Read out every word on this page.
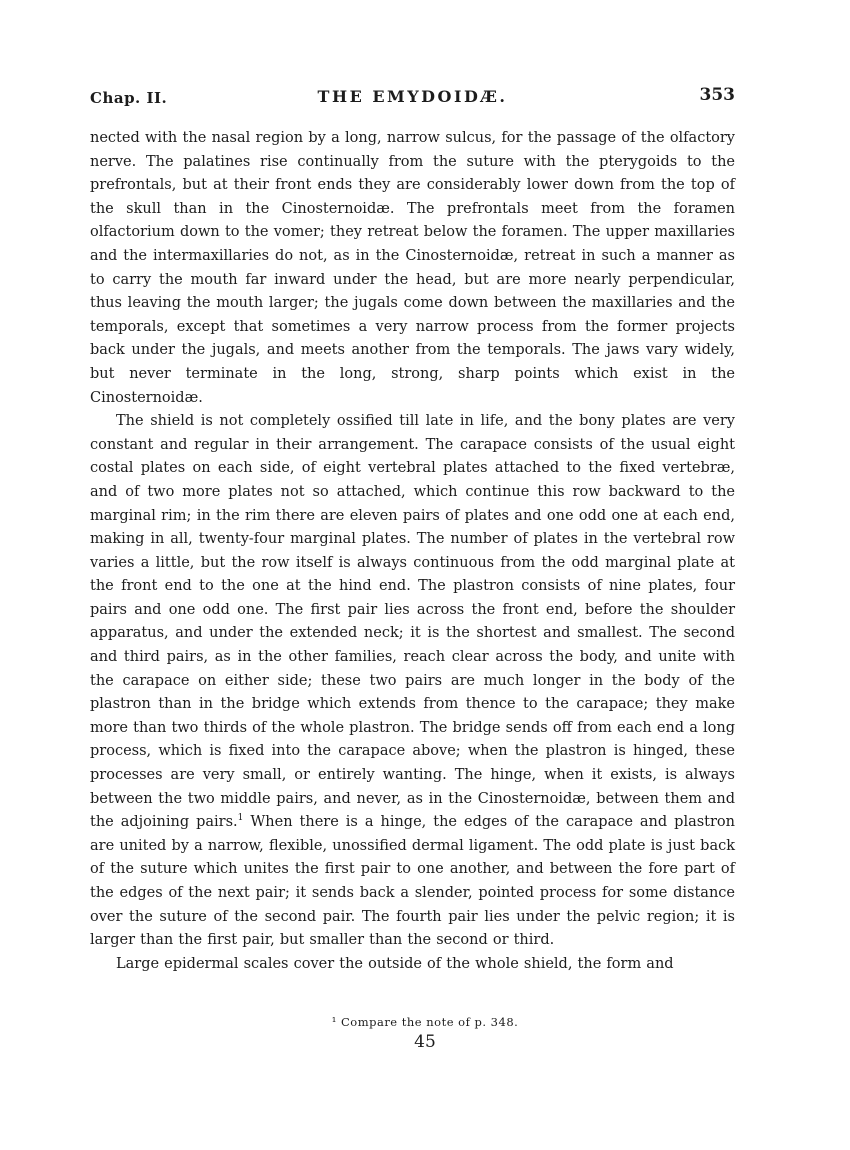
Chap. II.	THE EMYDOIDÆ.	353

nected with the nasal region by a long, narrow sulcus, for the passage of the olfactory nerve. The palatines rise continually from the suture with the pterygoids to the prefrontals, but at their front ends they are considerably lower down from the top of the skull than in the Cinosternoidæ. The prefrontals meet from the foramen olfactorium down to the vomer; they retreat below the foramen. The upper maxillaries and the intermaxillaries do not, as in the Cinosternoidæ, retreat in such a manner as to carry the mouth far inward under the head, but are more nearly perpendicular, thus leaving the mouth larger; the jugals come down between the maxillaries and the temporals, except that sometimes a very narrow process from the former projects back under the jugals, and meets another from the temporals. The jaws vary widely, but never terminate in the long, strong, sharp points which exist in the Cinosternoidæ.

The shield is not completely ossified till late in life, and the bony plates are very constant and regular in their arrangement. The carapace consists of the usual eight costal plates on each side, of eight vertebral plates attached to the fixed vertebræ, and of two more plates not so attached, which continue this row backward to the marginal rim; in the rim there are eleven pairs of plates and one odd one at each end, making in all, twenty-four marginal plates. The number of plates in the vertebral row varies a little, but the row itself is always continuous from the odd marginal plate at the front end to the one at the hind end. The plastron consists of nine plates, four pairs and one odd one. The first pair lies across the front end, before the shoulder apparatus, and under the extended neck; it is the shortest and smallest. The second and third pairs, as in the other families, reach clear across the body, and unite with the carapace on either side; these two pairs are much longer in the body of the plastron than in the bridge which extends from thence to the carapace; they make more than two thirds of the whole plastron. The bridge sends off from each end a long process, which is fixed into the carapace above; when the plastron is hinged, these processes are very small, or entirely wanting. The hinge, when it exists, is always between the two middle pairs, and never, as in the Cinosternoidæ, between them and the adjoining pairs.$^1$ When there is a hinge, the edges of the carapace and plastron are united by a narrow, flexible, unossified dermal ligament. The odd plate is just back of the suture which unites the first pair to one another, and between the fore part of the edges of the next pair; it sends back a slender, pointed process for some distance over the suture of the second pair. The fourth pair lies under the pelvic region; it is larger than the first pair, but smaller than the second or third.

Large epidermal scales cover the outside of the whole shield, the form and

¹ Compare the note of p. 348.
45
